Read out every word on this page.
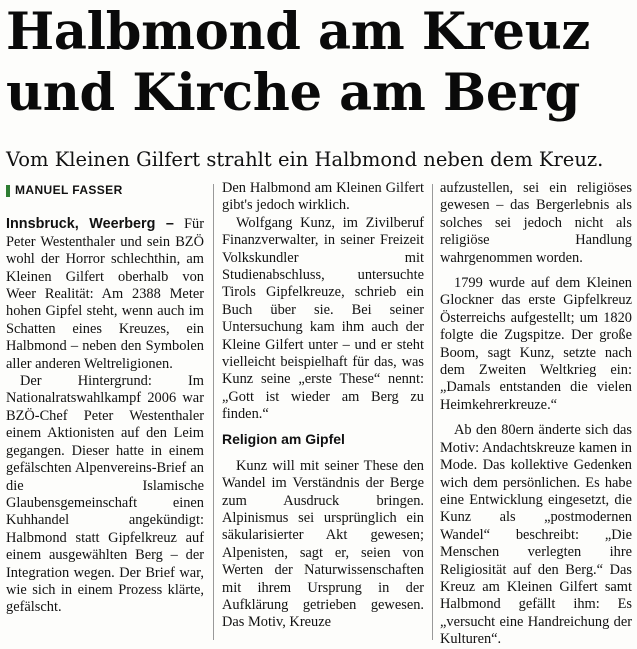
Halbmond am Kreuz
und Kirche am Berg

Vom Kleinen Gilfert strahlt ein Halbmond neben dem Kreuz.

MANUEL FASSER

Innsbruck, Weerberg – Für Peter Westenthaler und sein BZÖ wohl der Horror schlechthin, am Kleinen Gilfert oberhalb von Weer Realität: Am 2388 Meter hohen Gipfel steht, wenn auch im Schatten eines Kreuzes, ein Halbmond – neben den Symbolen aller anderen Weltreligionen.

Der Hintergrund: Im Nationalratswahlkampf 2006 war BZÖ-Chef Peter Westenthaler einem Aktionisten auf den Leim gegangen. Dieser hatte in einem gefälschten Alpenvereins-Brief an die Islamische Glaubensgemeinschaft einen Kuhhandel angekündigt: Halbmond statt Gipfelkreuz auf einem ausgewählten Berg – der Integration wegen. Der Brief war, wie sich in einem Prozess klärte, gefälscht.

Den Halbmond am Kleinen Gilfert gibt's jedoch wirklich.

Wolfgang Kunz, im Zivilberuf Finanzverwalter, in seiner Freizeit Volkskundler mit Studienabschluss, untersuchte Tirols Gipfelkreuze, schrieb ein Buch über sie. Bei seiner Untersuchung kam ihm auch der Kleine Gilfert unter – und er steht vielleicht beispielhaft für das, was Kunz seine „erste These“ nennt: „Gott ist wieder am Berg zu finden.“

Religion am Gipfel

Kunz will mit seiner These den Wandel im Verständnis der Berge zum Ausdruck bringen. Alpinismus sei ursprünglich ein säkularisierter Akt gewesen; Alpenisten, sagt er, seien von Werten der Naturwissenschaften mit ihrem Ursprung in der Aufklärung getrieben gewesen. Das Motiv, Kreuze

aufzustellen, sei ein religiöses gewesen – das Bergerlebnis als solches sei jedoch nicht als religiöse Handlung wahrgenommen worden.

1799 wurde auf dem Kleinen Glockner das erste Gipfelkreuz Österreichs aufgestellt; um 1820 folgte die Zugspitze. Der große Boom, sagt Kunz, setzte nach dem Zweiten Weltkrieg ein: „Damals entstanden die vielen Heimkehrerkreuze.“

Ab den 80ern änderte sich das Motiv: Andachtskreuze kamen in Mode. Das kollektive Gedenken wich dem persönlichen. Es habe eine Entwicklung eingesetzt, die Kunz als „postmodernen Wandel“ beschreibt: „Die Menschen verlegten ihre Religiosität auf den Berg.“ Das Kreuz am Kleinen Gilfert samt Halbmond gefällt ihm: Es „versucht eine Handreichung der Kulturen“.
